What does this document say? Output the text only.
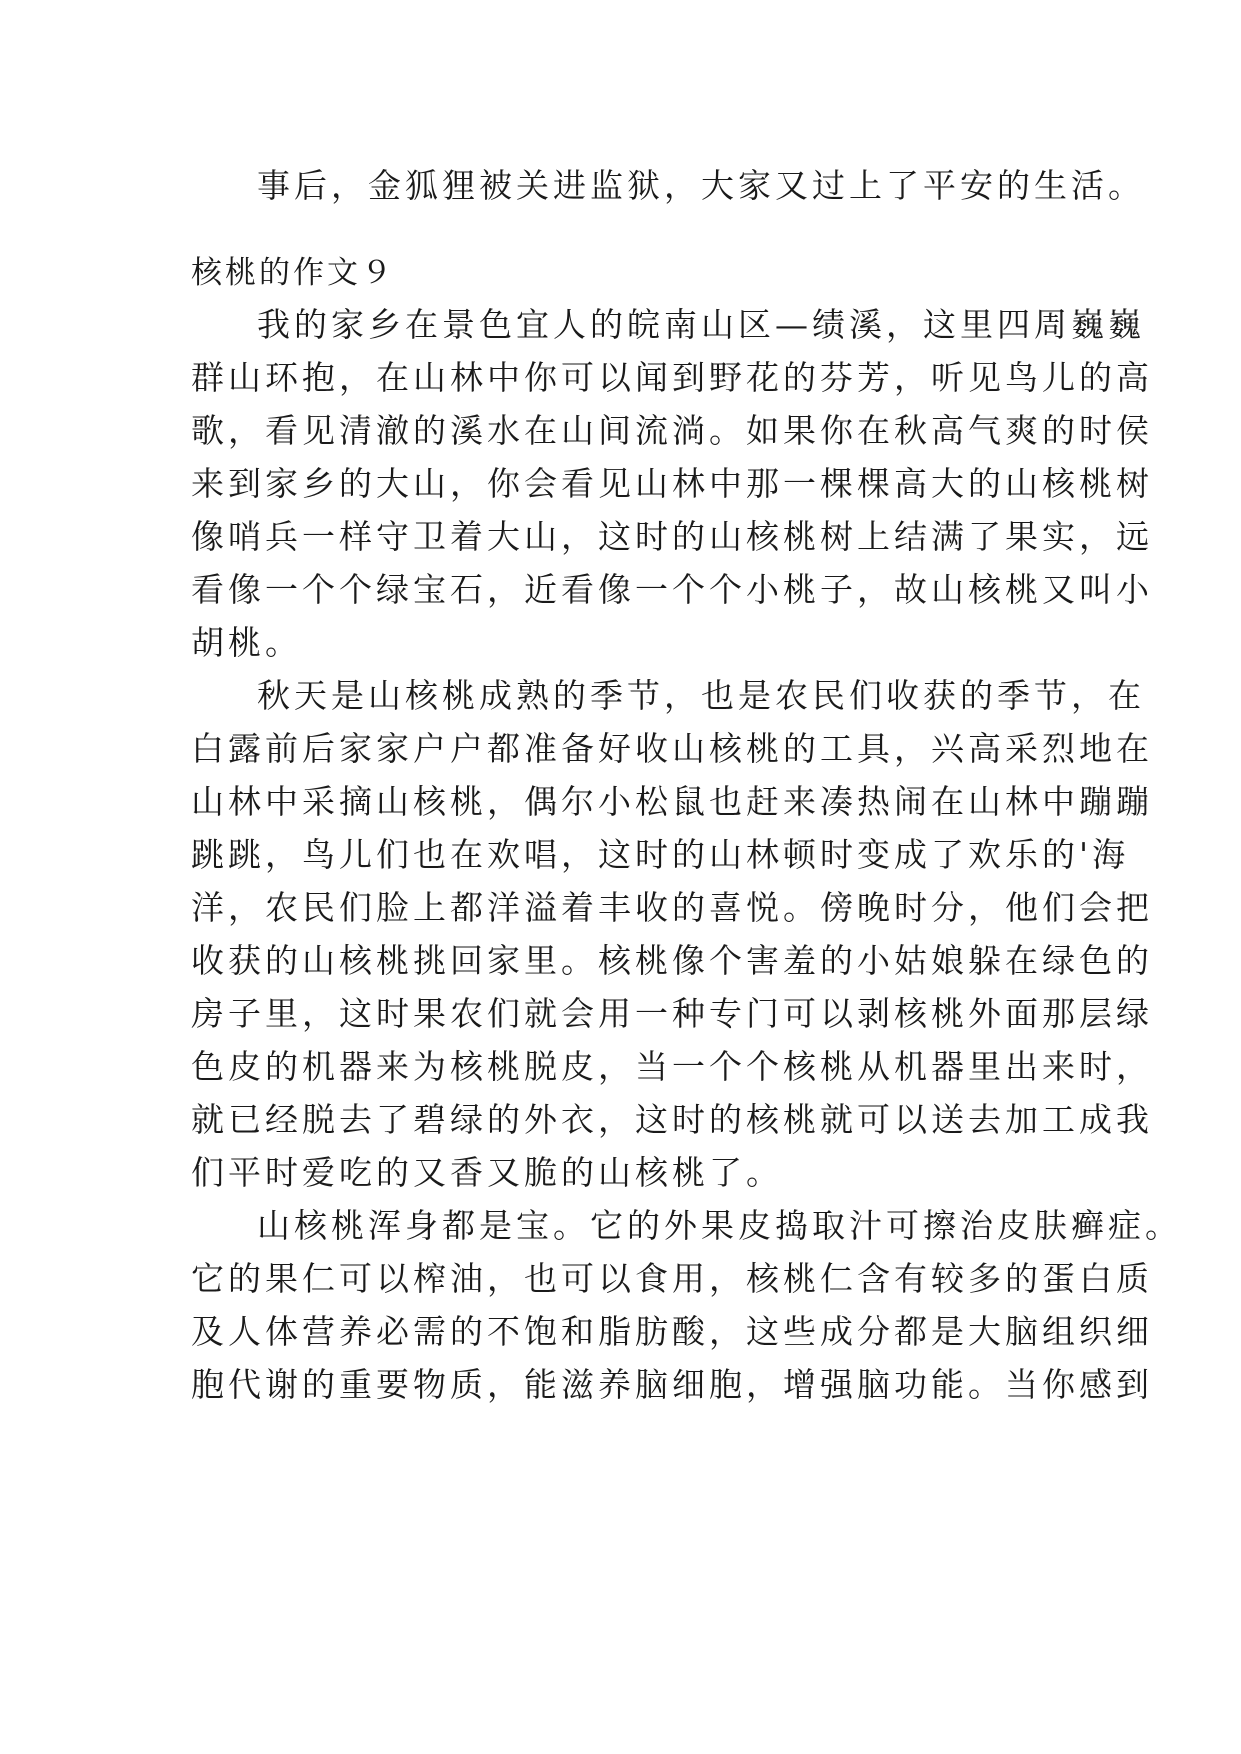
事后，金狐狸被关进监狱，大家又过上了平安的生活。

核桃的作文９

我的家乡在景色宜人的皖南山区—绩溪，这里四周巍巍

群山环抱，在山林中你可以闻到野花的芬芳，听见鸟儿的高

歌，看见清澈的溪水在山间流淌。如果你在秋高气爽的时侯

来到家乡的大山，你会看见山林中那一棵棵高大的山核桃树

像哨兵一样守卫着大山，这时的山核桃树上结满了果实，远

看像一个个绿宝石，近看像一个个小桃子，故山核桃又叫小

胡桃。

秋天是山核桃成熟的季节，也是农民们收获的季节，在

白露前后家家户户都准备好收山核桃的工具，兴高采烈地在

山林中采摘山核桃，偶尔小松鼠也赶来凑热闹在山林中蹦蹦

跳跳，鸟儿们也在欢唱，这时的山林顿时变成了欢乐的'海

洋，农民们脸上都洋溢着丰收的喜悦。傍晚时分，他们会把

收获的山核桃挑回家里。核桃像个害羞的小姑娘躲在绿色的

房子里，这时果农们就会用一种专门可以剥核桃外面那层绿

色皮的机器来为核桃脱皮，当一个个核桃从机器里出来时，

就已经脱去了碧绿的外衣，这时的核桃就可以送去加工成我

们平时爱吃的又香又脆的山核桃了。

山核桃浑身都是宝。它的外果皮捣取汁可擦治皮肤癣症。

它的果仁可以榨油，也可以食用，核桃仁含有较多的蛋白质

及人体营养必需的不饱和脂肪酸，这些成分都是大脑组织细

胞代谢的重要物质，能滋养脑细胞，增强脑功能。当你感到
